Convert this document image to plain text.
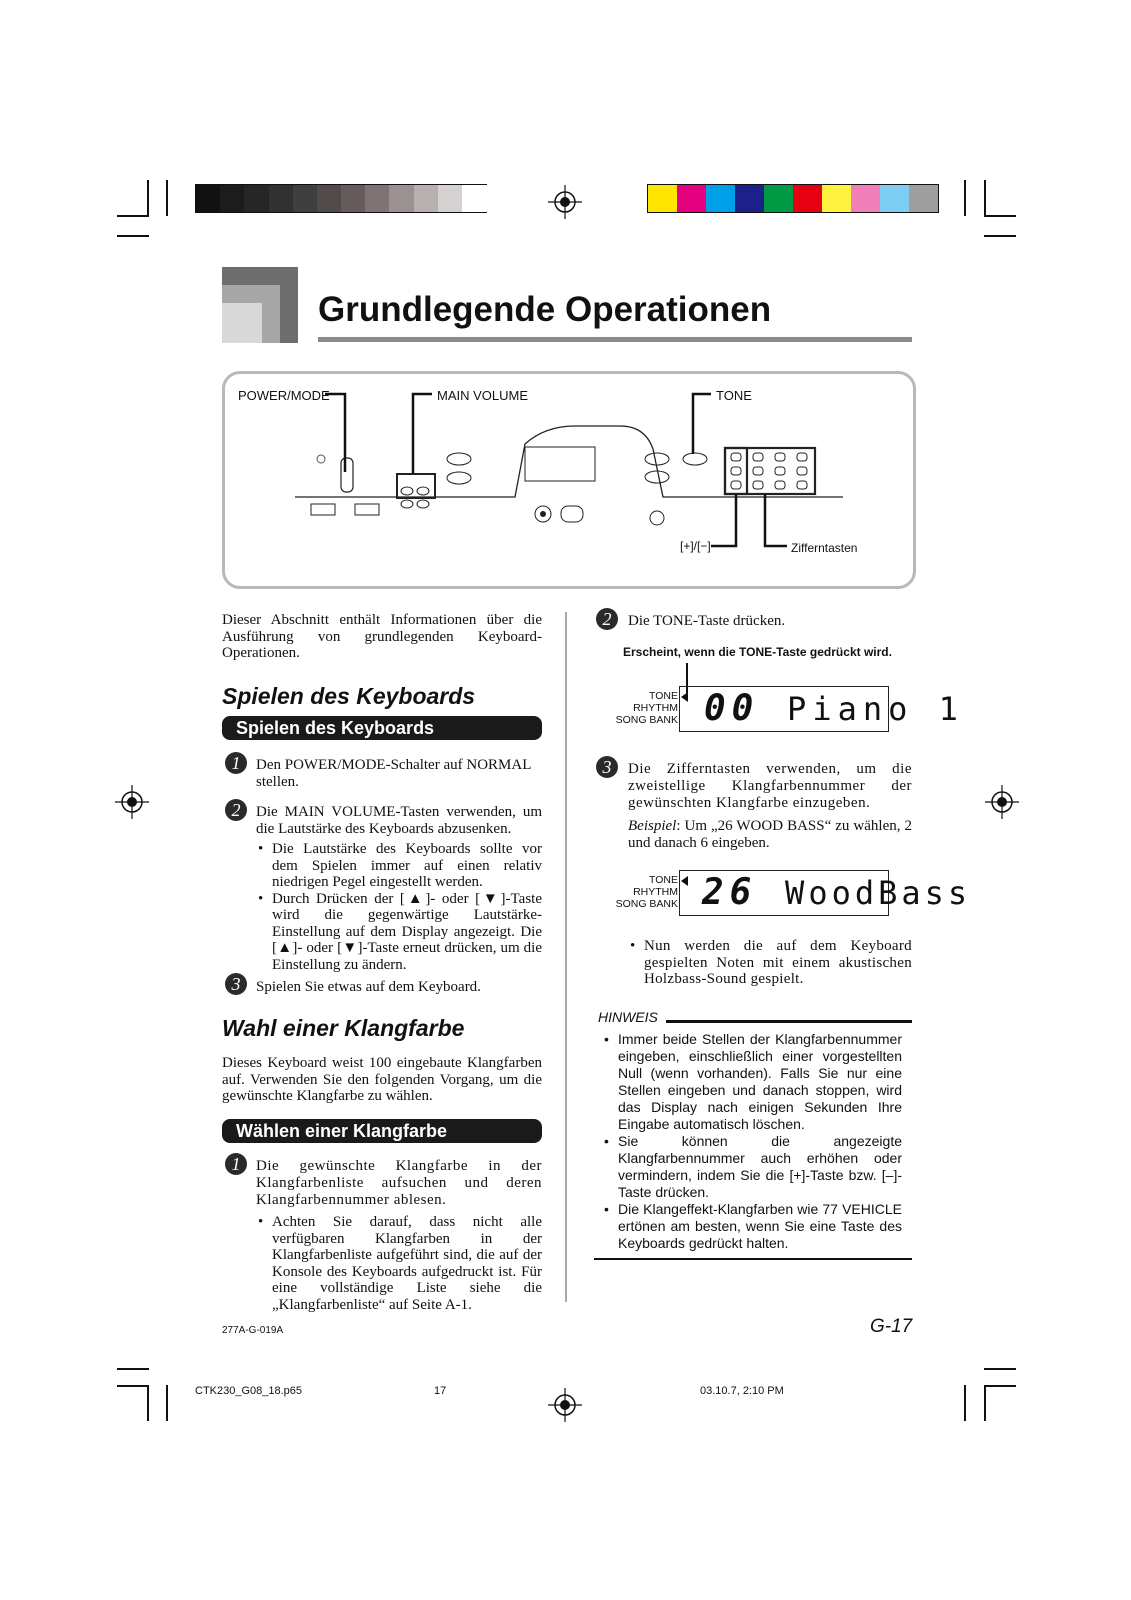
Grundlegende Operationen
POWER/MODE	MAIN VOLUME	TONE
[+]/[−]	Zifferntasten
Dieser Abschnitt enthält Informationen über die Ausführung von grundlegenden Keyboard-Operationen.
Spielen des Keyboards
Spielen des Keyboards
1	Den POWER/MODE-Schalter auf NORMAL stellen.
2	Die MAIN VOLUME-Tasten verwenden, um die Lautstärke des Keyboards abzusenken.
• Die Lautstärke des Keyboards sollte vor dem Spielen immer auf einen relativ niedrigen Pegel eingestellt werden.
• Durch Drücken der [▲]- oder [▼]-Taste wird die gegenwärtige Lautstärke-Einstellung auf dem Display angezeigt. Die [▲]- oder [▼]-Taste erneut drücken, um die Einstellung zu ändern.
3	Spielen Sie etwas auf dem Keyboard.
Wahl einer Klangfarbe
Dieses Keyboard weist 100 eingebaute Klangfarben auf. Verwenden Sie den folgenden Vorgang, um die gewünschte Klangfarbe zu wählen.
Wählen einer Klangfarbe
1	Die gewünschte Klangfarbe in der Klangfarbenliste aufsuchen und deren Klangfarbennummer ablesen.
• Achten Sie darauf, dass nicht alle verfügbaren Klangfarben in der Klangfarbenliste aufgeführt sind, die auf der Konsole des Keyboards aufgedruckt ist. Für eine vollständige Liste siehe die „Klangfarbenliste“ auf Seite A-1.
2	Die TONE-Taste drücken.
Erscheint, wenn die TONE-Taste gedrückt wird.
TONE
RHYTHM
SONG BANK 00 Piano 1
3	Die Zifferntasten verwenden, um die zweistellige Klangfarbennummer der gewünschten Klangfarbe einzugeben.
Beispiel: Um „26 WOOD BASS“ zu wählen, 2 und danach 6 eingeben.
TONE
RHYTHM
SONG BANK 26 WoodBass
• Nun werden die auf dem Keyboard gespielten Noten mit einem akustischen Holzbass-Sound gespielt.
HINWEIS
• Immer beide Stellen der Klangfarbennummer eingeben, einschließlich einer vorgestellten Null (wenn vorhanden). Falls Sie nur eine Stellen eingeben und danach stoppen, wird das Display nach einigen Sekunden Ihre Eingabe automatisch löschen.
• Sie können die angezeigte Klangfarbennummer auch erhöhen oder vermindern, indem Sie die [+]-Taste bzw. [–]-Taste drücken.
• Die Klangeffekt-Klangfarben wie 77 VEHICLE ertönen am besten, wenn Sie eine Taste des Keyboards gedrückt halten.
277A-G-019A	G-17
CTK230_G08_18.p65	17	03.10.7, 2:10 PM
